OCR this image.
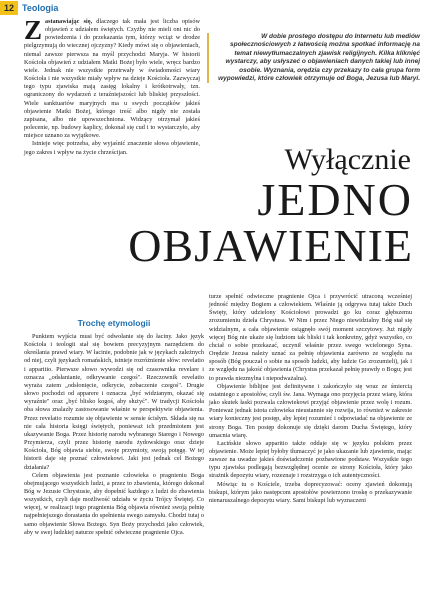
12 Teologia

Zastanawiając się, dlaczego tak mała jest liczba opisów objawień z udziałem świętych. Czyżby nie mieli oni nic do powiedzenia i do przekazania tym, którzy wciąż w drodze pielgrzymują do wiecznej ojczyzny? Kiedy mówi się o objawieniach, niemal zawsze pierwsza na myśl przychodzi Maryja. W historii Kościoła objawień z udziałem Matki Bożej było wiele, wręcz bardzo wiele. Jednak nie wszystkie przetrwały w świadomości wiary Kościoła i nie wszystkie miały wpływ na dzieje Kościoła. Zazwyczaj tego typu zjawiska mają zasięg lokalny i krótkotrwały, tzn. ograniczony do wydarzeń z teraźniejszości lub bliskiej przyszłości. Wiele sanktuariów maryjnych ma u swych początków jakieś objawienie Matki Bożej, którego treść albo nigdy nie została zapisana, albo nie upowszechniona. Widzący otrzymał jakieś polecenie, np. budowy kaplicy, dokonał się cud i to wystarczyło, aby miejsce uznano za wyjątkowe.

Istnieje więc potrzeba, aby wyjaśnić znaczenie słowa objawienie, jego zakres i wpływ na życie chrześcijan.

W dobie prostego dostępu do Internetu lub mediów społecznościowych z łatwością można spotkać informację na temat niewytłumaczalnych zjawisk religijnych. Kilka kliknięć wystarczy, aby usłyszeć o objawieniach danych takiej lub innej osobie. Wyznania, orędzia czy przekazy to cała grupa form wypowiedzi, które człowiek otrzymuje od Boga, Jezusa lub Maryi.
Wyłącznie
JEDNO
OBJAWIENIE
Trochę etymologii

Punktem wyjścia musi być odwołanie się do łaciny. Jako język Kościoła i teologii stał się bowiem precyzyjnym narzędziem do określania prawd wiary. W łacinie, podobnie jak w językach zależnych od niej, czyli językach romańskich, istnieje rozróżnienie słów: revelatio i apparitio. Pierwsze słowo wywodzi się od czasownika revelare i oznacza „odsłanianie, odkrywanie czegoś". Rzeczownik revelatio wyraża zatem „odsłonięcie, odkrycie, zobaczenie czegoś". Drugie słowo pochodzi od apparere i oznacza „być widzianym, okazać się wyraźnie" oraz „być blisko kogoś, aby służyć". W tradycji Kościoła oba słowa znalazły zastosowanie właśnie w perspektywie objawienia. Przez revelatio rozumie się objawienie w sensie ścisłym. Składa się na nie cała historia księgi świętych, ponieważ ich przedmiotem jest ukazywanie Boga. Przez historię narodu wybranego Starego i Nowego Przymierza, czyli przez historię narodu żydowskiego oraz dzieje Kościoła, Bóg objawia siebie, swoje przymioty, swoją potęgę. W tej historii daje się poznać człowiekowi. Jaki jest jednak cel Bożego działania?

Celem objawienia jest poznanie człowieka o pragnieniu Boga obejmującego wszystkich ludzi, a przez to zbawienia, którego dokonał Bóg w Jezusie Chrystusie, aby dopełnić każdego z ludzi do zbawienia wszystkich, czyli daje możliwość udziału w życiu Trójcy Świętej. Co więcej, w realizacji tego pragnienia Bóg objawia również swoją pełnię najpełniejszego dorastania do spełnienia swego zamysłu. Chodzi tutaj o samo objawienie Słowa Bożego. Syn Boży przychodzi jako człowiek, aby w swej ludzkiej naturze spełnić odwieczne pragnienie Ojca.

turze spełnić odwieczne pragnienie Ojca i przywrócić utraconą wcześniej jedność między Bogiem a człowiekiem. Właśnie ją odgrywa tutaj także Duch Święty, który udzielony Kościołowi prowadzi go ku coraz głębszemu zrozumieniu dzieła Chrystusa. W Nim i przez Niego niewidzialny Bóg stał się widzialnym, a cała objawienie osiągnęło swój moment szczytowy. Już nigdy więcej Bóg nie ukaże się ludziom tak bliski i tak konkretny, gdyż wszystko, co chciał o sobie przekazać, uczynił właśnie przez swego wcielonego Syna. Orędzie Jezusa należy uznać za pełnię objawienia zarówno ze względu na sposób (Bóg pouczał o sobie na sposób ludzki, aby ludzie Go zrozumieli), jak i ze względu na jakość objawienia (Chrystus przekazał pełnię prawdy o Bogu; jest to prawda niezmylna i niepodważalna).

Objawienie biblijne jest definitywne i zakończyło się wraz ze śmiercią ostatniego z apostołów, czyli św. Jana. Wymaga ono przyjęcia przez wiarę, która jako skutek łaski pozwala człowiekowi przyjąć objawienie przez wolę i rozum. Ponieważ jednak istota człowieka nieustannie się rozwija, to również w zakresie wiary konieczny jest postęp, aby lepiej rozumieć i odpowiadać na objawienie ze strony Boga. Ten postęp dokonuje się dzięki darom Ducha Świętego, który umacnia wiarę.

Łacińskie słowo apparitio także oddaje się w języku polskim przez objawienie. Może lepiej byłoby tłumaczyć je jako ukazanie lub zjawienie, mając zawsze na uwadze jakieś doświadczenie pozbawione podstaw. Wszystkie tego typu zjawiska podlegają bezwzględnej ocenie ze strony Kościoła, który jako strażnik depozytu wiary, rozeznaje i rozstrzyga o ich autentyczności.

Mówiąc tu o Kościele, trzeba doprecyzować: oceny zjawień dokonują biskupi, którym jako następcom apostołów powierzono troskę o przekazywanie nienaruszalnego depozytu wiary. Sami biskupi lub wyznaczeni
